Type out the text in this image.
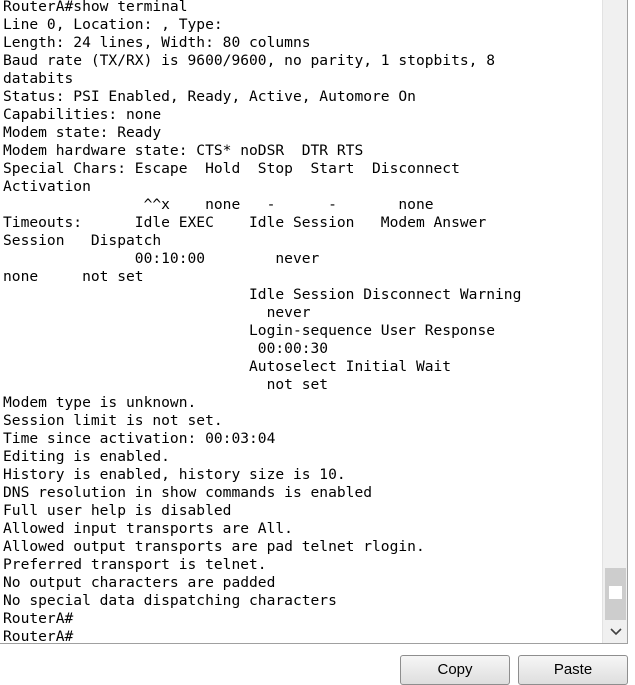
RouterA#show terminal
Line 0, Location: , Type:
Length: 24 lines, Width: 80 columns
Baud rate (TX/RX) is 9600/9600, no parity, 1 stopbits, 8
databits
Status: PSI Enabled, Ready, Active, Automore On
Capabilities: none
Modem state: Ready
Modem hardware state: CTS* noDSR  DTR RTS
Special Chars: Escape  Hold  Stop  Start  Disconnect
Activation
^^x    none   -      -       none
Timeouts:      Idle EXEC    Idle Session   Modem Answer
Session   Dispatch
00:10:00        never
none     not set
Idle Session Disconnect Warning
never
Login-sequence User Response
00:00:30
Autoselect Initial Wait
not set
Modem type is unknown.
Session limit is not set.
Time since activation: 00:03:04
Editing is enabled.
History is enabled, history size is 10.
DNS resolution in show commands is enabled
Full user help is disabled
Allowed input transports are All.
Allowed output transports are pad telnet rlogin.
Preferred transport is telnet.
No output characters are padded
No special data dispatching characters
RouterA#
RouterA#
Copy	Paste
